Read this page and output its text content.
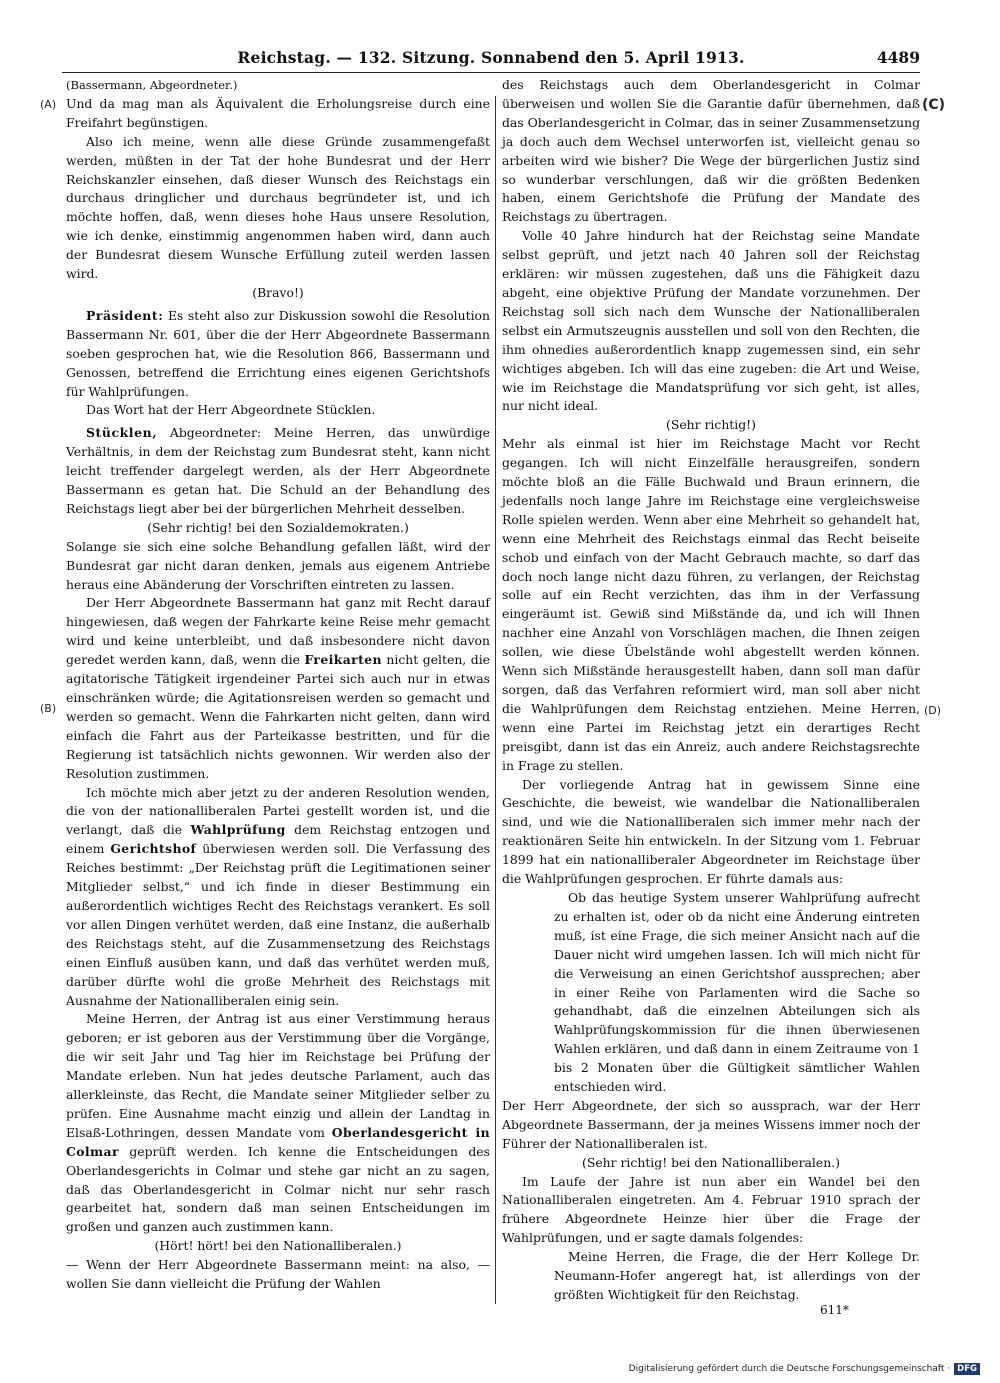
Reichstag. — 132. Sitzung. Sonnabend den 5. April 1913.	4489
(A)
(B)
(C)
(D)

(Bassermann, Abgeordneter.)

Und da mag man als Äquivalent die Erholungsreise durch eine Freifahrt begünstigen.

Also ich meine, wenn alle diese Gründe zusammengefaßt werden, müßten in der Tat der hohe Bundesrat und der Herr Reichskanzler einsehen, daß dieser Wunsch des Reichstags ein durchaus dringlicher und durchaus begründeter ist, und ich möchte hoffen, daß, wenn dieses hohe Haus unsere Resolution, wie ich denke, einstimmig angenommen haben wird, dann auch der Bundesrat diesem Wunsche Erfüllung zuteil werden lassen wird.

(Bravo!)

Präsident: Es steht also zur Diskussion sowohl die Resolution Bassermann Nr. 601, über die der Herr Abgeordnete Bassermann soeben gesprochen hat, wie die Resolution 866, Bassermann und Genossen, betreffend die Errichtung eines eigenen Gerichtshofs für Wahlprüfungen.

Das Wort hat der Herr Abgeordnete Stücklen.

Stücklen, Abgeordneter: Meine Herren, das unwürdige Verhältnis, in dem der Reichstag zum Bundesrat steht, kann nicht leicht treffender dargelegt werden, als der Herr Abgeordnete Bassermann es getan hat. Die Schuld an der Behandlung des Reichstags liegt aber bei der bürgerlichen Mehrheit desselben.

(Sehr richtig! bei den Sozialdemokraten.)

Solange sie sich eine solche Behandlung gefallen läßt, wird der Bundesrat gar nicht daran denken, jemals aus eigenem Antriebe heraus eine Abänderung der Vorschriften eintreten zu lassen.

Der Herr Abgeordnete Bassermann hat ganz mit Recht darauf hingewiesen, daß wegen der Fahrkarte keine Reise mehr gemacht wird und keine unterbleibt, und daß insbesondere nicht davon geredet werden kann, daß, wenn die Freikarten nicht gelten, die agitatorische Tätigkeit irgendeiner Partei sich auch nur in etwas einschränken würde; die Agitationsreisen werden so gemacht und werden so gemacht. Wenn die Fahrkarten nicht gelten, dann wird einfach die Fahrt aus der Parteikasse bestritten, und für die Regierung ist tatsächlich nichts gewonnen. Wir werden also der Resolution zustimmen.

Ich möchte mich aber jetzt zu der anderen Resolution wenden, die von der nationalliberalen Partei gestellt worden ist, und die verlangt, daß die Wahlprüfung dem Reichstag entzogen und einem Gerichtshof überwiesen werden soll. Die Verfassung des Reiches bestimmt: „Der Reichstag prüft die Legitimationen seiner Mitglieder selbst,“ und ich finde in dieser Bestimmung ein außerordentlich wichtiges Recht des Reichstags verankert. Es soll vor allen Dingen verhütet werden, daß eine Instanz, die außerhalb des Reichstags steht, auf die Zusammensetzung des Reichstags einen Einfluß ausüben kann, und daß das verhütet werden muß, darüber dürfte wohl die große Mehrheit des Reichstags mit Ausnahme der Nationalliberalen einig sein.

Meine Herren, der Antrag ist aus einer Verstimmung heraus geboren; er ist geboren aus der Verstimmung über die Vorgänge, die wir seit Jahr und Tag hier im Reichstage bei Prüfung der Mandate erleben. Nun hat jedes deutsche Parlament, auch das allerkleinste, das Recht, die Mandate seiner Mitglieder selber zu prüfen. Eine Ausnahme macht einzig und allein der Landtag in Elsaß-Lothringen, dessen Mandate vom Oberlandesgericht in Colmar geprüft werden. Ich kenne die Entscheidungen des Oberlandesgerichts in Colmar und stehe gar nicht an zu sagen, daß das Oberlandesgericht in Colmar nicht nur sehr rasch gearbeitet hat, sondern daß man seinen Entscheidungen im großen und ganzen auch zustimmen kann.

(Hört! hört! bei den Nationalliberalen.)

— Wenn der Herr Abgeordnete Bassermann meint: na also, — wollen Sie dann vielleicht die Prüfung der Wahlen

des Reichstags auch dem Oberlandesgericht in Colmar überweisen und wollen Sie die Garantie dafür übernehmen, daß das Oberlandesgericht in Colmar, das in seiner Zusammensetzung ja doch auch dem Wechsel unterworfen ist, vielleicht genau so arbeiten wird wie bisher? Die Wege der bürgerlichen Justiz sind so wunderbar verschlungen, daß wir die größten Bedenken haben, einem Gerichtshofe die Prüfung der Mandate des Reichstags zu übertragen.

Volle 40 Jahre hindurch hat der Reichstag seine Mandate selbst geprüft, und jetzt nach 40 Jahren soll der Reichstag erklären: wir müssen zugestehen, daß uns die Fähigkeit dazu abgeht, eine objektive Prüfung der Mandate vorzunehmen. Der Reichstag soll sich nach dem Wunsche der Nationalliberalen selbst ein Armutszeugnis ausstellen und soll von den Rechten, die ihm ohnedies außerordentlich knapp zugemessen sind, ein sehr wichtiges abgeben. Ich will das eine zugeben: die Art und Weise, wie im Reichstage die Mandatsprüfung vor sich geht, ist alles, nur nicht ideal.

(Sehr richtig!)

Mehr als einmal ist hier im Reichstage Macht vor Recht gegangen. Ich will nicht Einzelfälle herausgreifen, sondern möchte bloß an die Fälle Buchwald und Braun erinnern, die jedenfalls noch lange Jahre im Reichstage eine vergleichsweise Rolle spielen werden. Wenn aber eine Mehrheit so gehandelt hat, wenn eine Mehrheit des Reichstags einmal das Recht beiseite schob und einfach von der Macht Gebrauch machte, so darf das doch noch lange nicht dazu führen, zu verlangen, der Reichstag solle auf ein Recht verzichten, das ihm in der Verfassung eingeräumt ist. Gewiß sind Mißstände da, und ich will Ihnen nachher eine Anzahl von Vorschlägen machen, die Ihnen zeigen sollen, wie diese Übelstände wohl abgestellt werden können. Wenn sich Mißstände herausgestellt haben, dann soll man dafür sorgen, daß das Verfahren reformiert wird, man soll aber nicht die Wahlprüfungen dem Reichstag entziehen. Meine Herren, wenn eine Partei im Reichstag jetzt ein derartiges Recht preisgibt, dann ist das ein Anreiz, auch andere Reichstagsrechte in Frage zu stellen.

Der vorliegende Antrag hat in gewissem Sinne eine Geschichte, die beweist, wie wandelbar die Nationalliberalen sind, und wie die Nationalliberalen sich immer mehr nach der reaktionären Seite hin entwickeln. In der Sitzung vom 1. Februar 1899 hat ein nationalliberaler Abgeordneter im Reichstage über die Wahlprüfungen gesprochen. Er führte damals aus:

Ob das heutige System unserer Wahlprüfung aufrecht zu erhalten ist, oder ob da nicht eine Änderung eintreten muß, ist eine Frage, die sich meiner Ansicht nach auf die Dauer nicht wird umgehen lassen. Ich will mich nicht für die Verweisung an einen Gerichtshof aussprechen; aber in einer Reihe von Parlamenten wird die Sache so gehandhabt, daß die einzelnen Abteilungen sich als Wahlprüfungskommission für die ihnen überwiesenen Wahlen erklären, und daß dann in einem Zeitraume von 1 bis 2 Monaten über die Gültigkeit sämtlicher Wahlen entschieden wird.

Der Herr Abgeordnete, der sich so aussprach, war der Herr Abgeordnete Bassermann, der ja meines Wissens immer noch der Führer der Nationalliberalen ist.

(Sehr richtig! bei den Nationalliberalen.)

Im Laufe der Jahre ist nun aber ein Wandel bei den Nationalliberalen eingetreten. Am 4. Februar 1910 sprach der frühere Abgeordnete Heinze hier über die Frage der Wahlprüfungen, und er sagte damals folgendes:

Meine Herren, die Frage, die der Herr Kollege Dr. Neumann-Hofer angeregt hat, ist allerdings von der größten Wichtigkeit für den Reichstag.

611*
Digitalisierung gefördert durch die Deutsche Forschungsgemeinschaft · DFG
